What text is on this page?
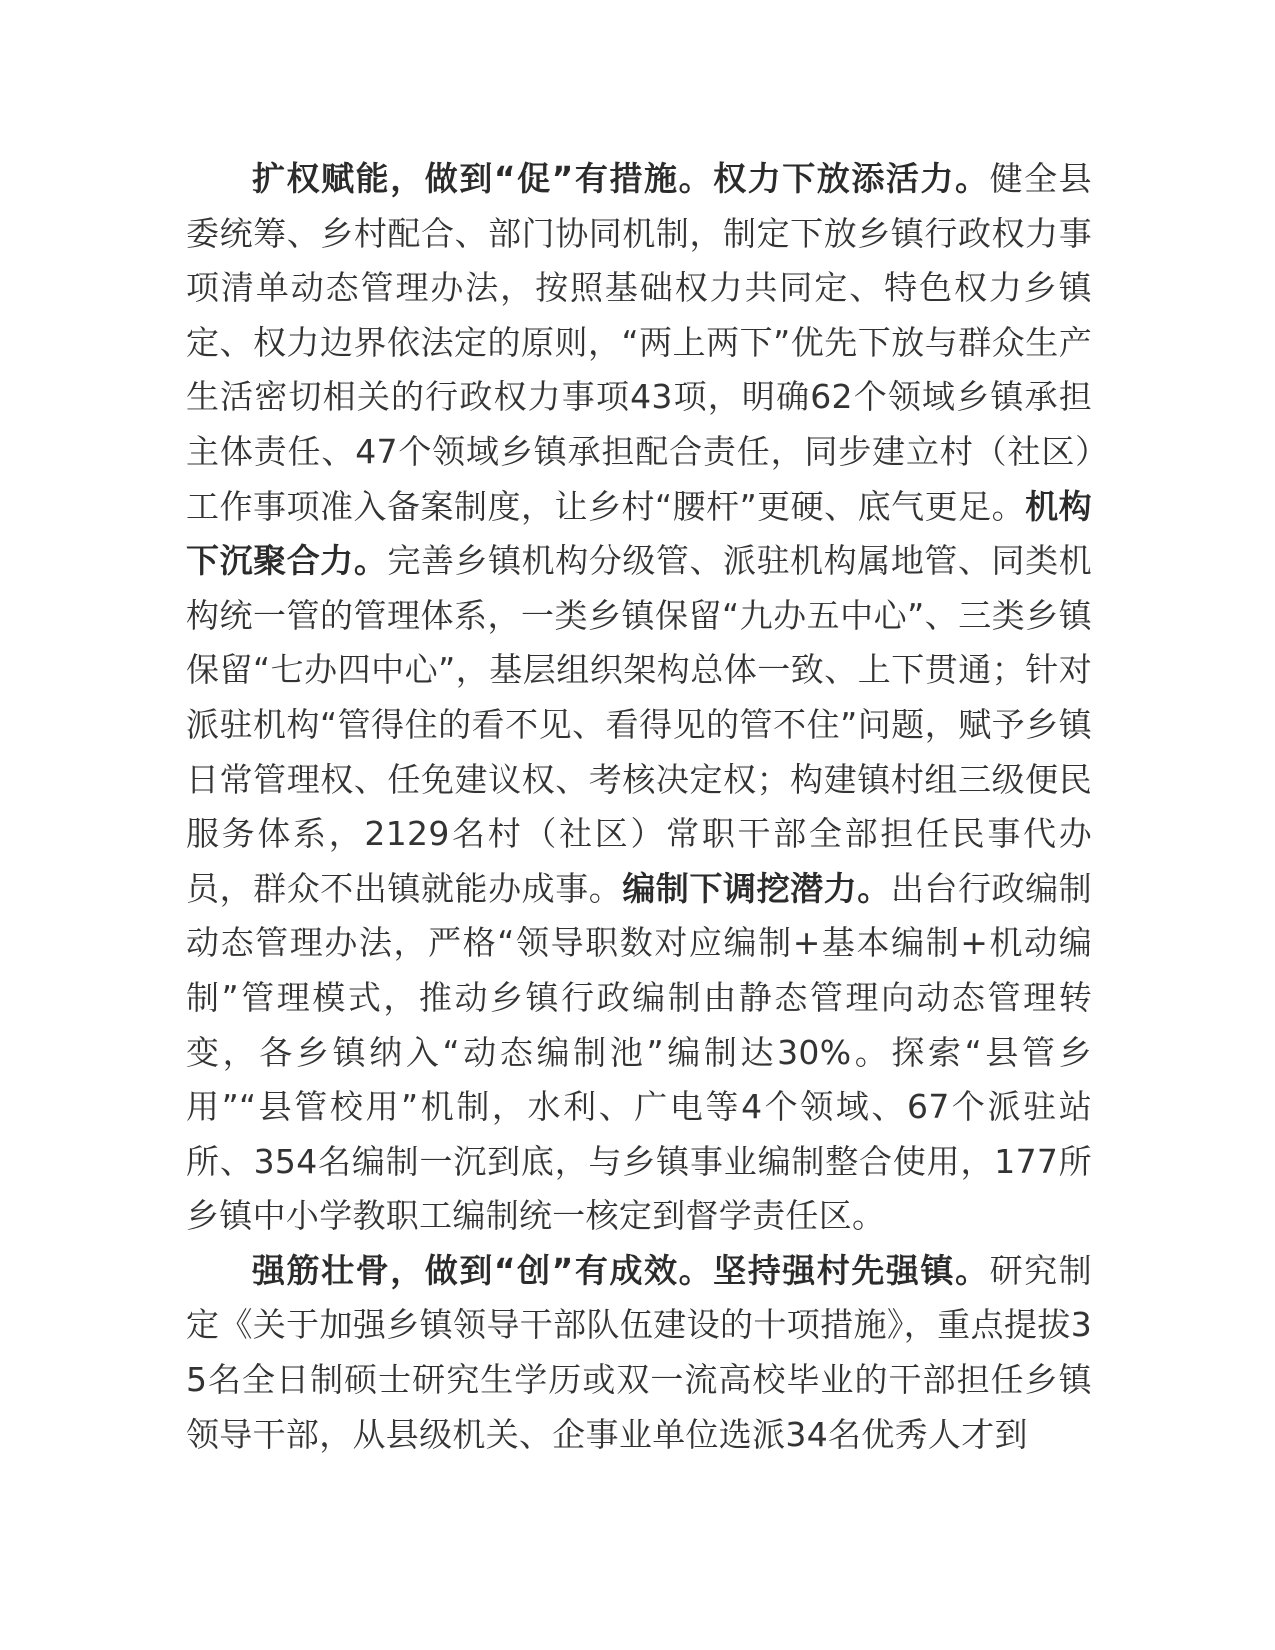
扩权赋能，做到“促”有措施。权力下放添活力。健全县委统筹、乡村配合、部门协同机制，制定下放乡镇行政权力事项清单动态管理办法，按照基础权力共同定、特色权力乡镇定、权力边界依法定的原则，“两上两下”优先下放与群众生产生活密切相关的行政权力事项43项，明确62个领域乡镇承担主体责任、47个领域乡镇承担配合责任，同步建立村（社区）工作事项准入备案制度，让乡村“腰杆”更硬、底气更足。机构下沉聚合力。完善乡镇机构分级管、派驻机构属地管、同类机构统一管的管理体系，一类乡镇保留“九办五中心”、三类乡镇保留“七办四中心”，基层组织架构总体一致、上下贯通；针对派驻机构“管得住的看不见、看得见的管不住”问题，赋予乡镇日常管理权、任免建议权、考核决定权；构建镇村组三级便民服务体系，2129名村（社区）常职干部全部担任民事代办员，群众不出镇就能办成事。编制下调挖潜力。出台行政编制动态管理办法，严格“领导职数对应编制+基本编制+机动编制”管理模式，推动乡镇行政编制由静态管理向动态管理转变，各乡镇纳入“动态编制池”编制达30%。探索“县管乡用”“县管校用”机制，水利、广电等4个领域、67个派驻站所、354名编制一沉到底，与乡镇事业编制整合使用，177所乡镇中小学教职工编制统一核定到督学责任区。

强筋壮骨，做到“创”有成效。坚持强村先强镇。研究制定《关于加强乡镇领导干部队伍建设的十项措施》，重点提拔35名全日制硕士研究生学历或双一流高校毕业的干部担任乡镇领导干部，从县级机关、企事业单位选派34名优秀人才到
